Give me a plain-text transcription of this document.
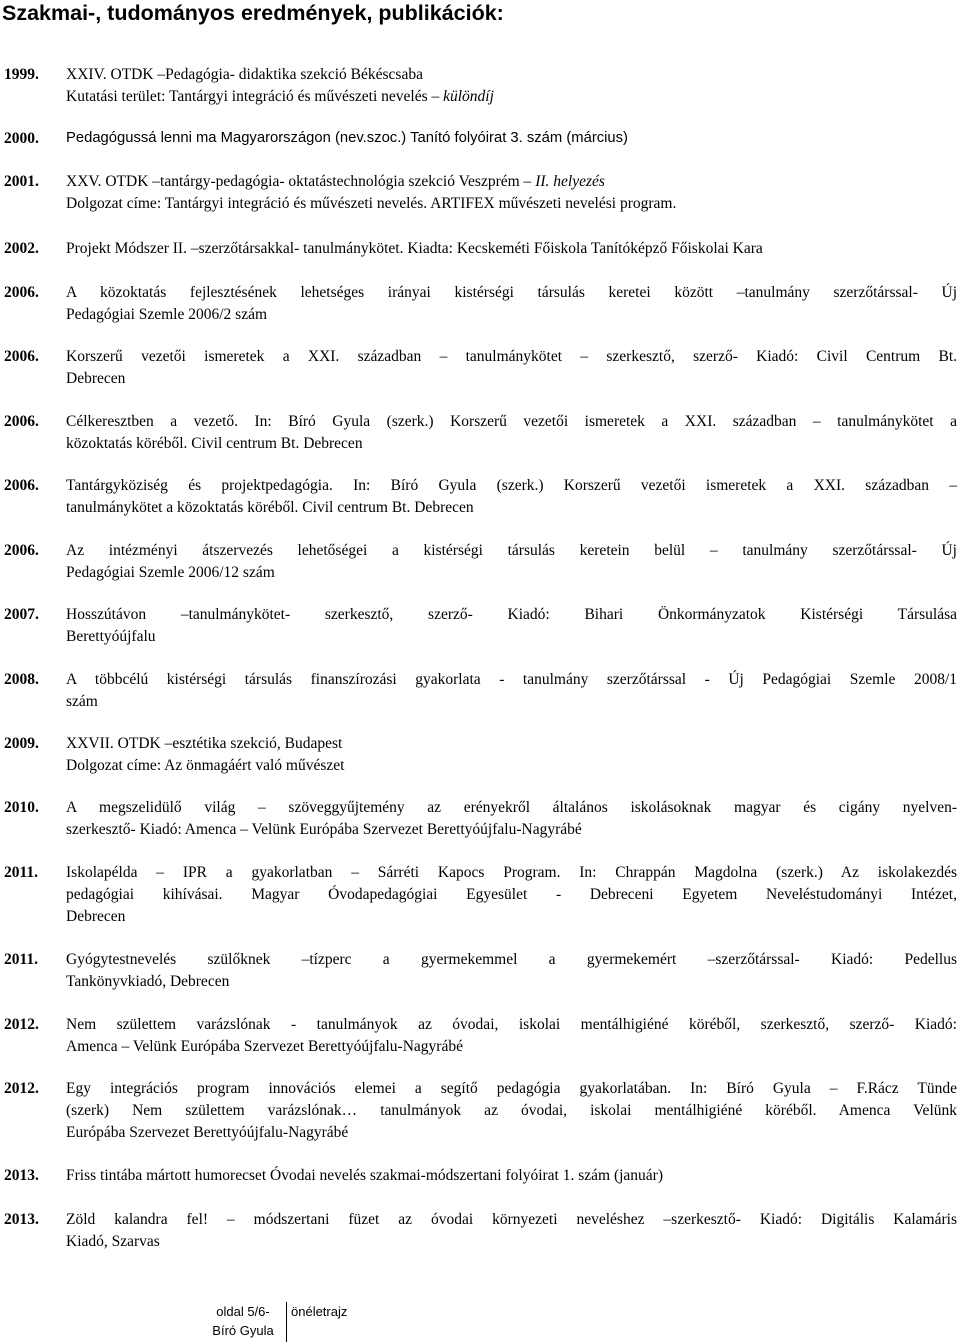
Szakmai-, tudományos eredmények, publikációk:
1999. XXIV. OTDK –Pedagógia- didaktika szekció Békéscsaba
Kutatási terület: Tantárgyi integráció és művészeti nevelés – különdíj
2000. Pedagógussá lenni ma Magyarországon (nev.szoc.) Tanító folyóirat 3. szám (március)
2001. XXV. OTDK –tantárgy-pedagógia- oktatástechnológia szekció Veszprém – II. helyezés
Dolgozat címe: Tantárgyi integráció és művészeti nevelés. ARTIFEX művészeti nevelési program.
2002. Projekt Módszer II. –szerzőtársakkal- tanulmánykötet. Kiadta: Kecskeméti Főiskola Tanítóképző Főiskolai Kara
2006. A közoktatás fejlesztésének lehetséges irányai kistérségi társulás keretei között –tanulmány szerzőtárssal- Új
Pedagógiai Szemle 2006/2 szám
2006. Korszerű vezetői ismeretek a XXI. században – tanulmánykötet – szerkesztő, szerző- Kiadó: Civil Centrum Bt.
Debrecen
2006. Célkeresztben a vezető. In: Bíró Gyula (szerk.) Korszerű vezetői ismeretek a XXI. században – tanulmánykötet a
közoktatás köréből. Civil centrum Bt. Debrecen
2006. Tantárgyköziség és projektpedagógia. In: Bíró Gyula (szerk.) Korszerű vezetői ismeretek a XXI. században –
tanulmánykötet a közoktatás köréből. Civil centrum Bt. Debrecen
2006. Az intézményi átszervezés lehetőségei a kistérségi társulás keretein belül – tanulmány szerzőtárssal- Új
Pedagógiai Szemle 2006/12 szám
2007. Hosszútávon –tanulmánykötet- szerkesztő, szerző- Kiadó: Bihari Önkormányzatok Kistérségi Társulása
Berettyóújfalu
2008. A többcélú kistérségi társulás finanszírozási gyakorlata - tanulmány szerzőtárssal - Új Pedagógiai Szemle 2008/1
szám
2009. XXVII. OTDK –esztétika szekció, Budapest
Dolgozat címe: Az önmagáért való művészet
2010. A megszelidülő világ – szöveggyűjtemény az erényekről általános iskolásoknak magyar és cigány nyelven-
szerkesztő- Kiadó: Amenca – Velünk Európába Szervezet Berettyóújfalu-Nagyrábé
2011. Iskolapélda – IPR a gyakorlatban – Sárréti Kapocs Program. In: Chrappán Magdolna (szerk.) Az iskolakezdés
pedagógiai kihívásai. Magyar Óvodapedagógiai Egyesület - Debreceni Egyetem Neveléstudományi Intézet,
Debrecen
2011. Gyógytestnevelés szülőknek –tízperc a gyermekemmel a gyermekemért –szerzőtárssal- Kiadó: Pedellus
Tankönyvkiadó, Debrecen
2012. Nem születtem varázslónak - tanulmányok az óvodai, iskolai mentálhigiéné köréből, szerkesztő, szerző- Kiadó:
Amenca – Velünk Európába Szervezet Berettyóújfalu-Nagyrábé
2012. Egy integrációs program innovációs elemei a segítő pedagógia gyakorlatában. In: Bíró Gyula – F.Rácz Tünde
(szerk) Nem születtem varázslónak… tanulmányok az óvodai, iskolai mentálhigiéné köréből. Amenca Velünk
Európába Szervezet Berettyóújfalu-Nagyrábé
2013. Friss tintába mártott humorecset Óvodai nevelés szakmai-módszertani folyóirat 1. szám (január)
2013. Zöld kalandra fel! – módszertani füzet az óvodai környezeti neveléshez –szerkesztő- Kiadó: Digitális Kalamáris
Kiadó, Szarvas
oldal 5/6-
Bíró Gyula
önéletrajz
